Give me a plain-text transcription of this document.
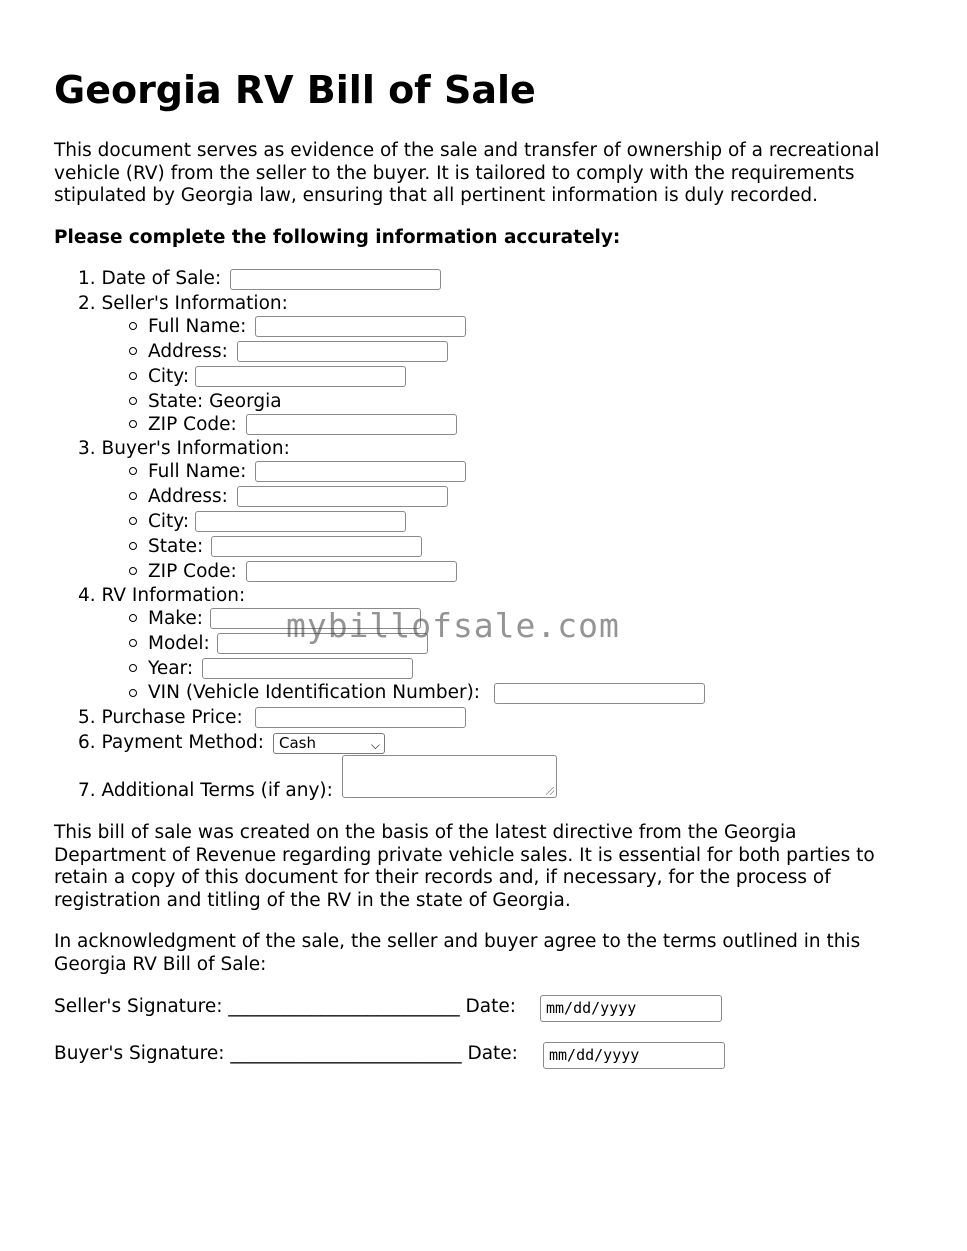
Georgia RV Bill of Sale

This document serves as evidence of the sale and transfer of ownership of a recreational vehicle (RV) from the seller to the buyer. It is tailored to comply with the requirements stipulated by Georgia law, ensuring that all pertinent information is duly recorded.

Please complete the following information accurately:

1. Date of Sale:
2. Seller's Information:
Full Name:
Address:
City:
State: Georgia
ZIP Code:
3. Buyer's Information:
Full Name:
Address:
City:
State:
ZIP Code:
4. RV Information:
Make:
Model:
Year:
VIN (Vehicle Identification Number):
5. Purchase Price:
6. Payment Method: Cash	⌵
7. Additional Terms (if any):

This bill of sale was created on the basis of the latest directive from the Georgia Department of Revenue regarding private vehicle sales. It is essential for both parties to retain a copy of this document for their records and, if necessary, for the process of registration and titling of the RV in the state of Georgia.

In acknowledgment of the sale, the seller and buyer agree to the terms outlined in this Georgia RV Bill of Sale:

Seller's Signature: _________________________ Date:	mm/dd/yyyy
Buyer's Signature: _________________________ Date:	mm/dd/yyyy
mybillofsale.com
